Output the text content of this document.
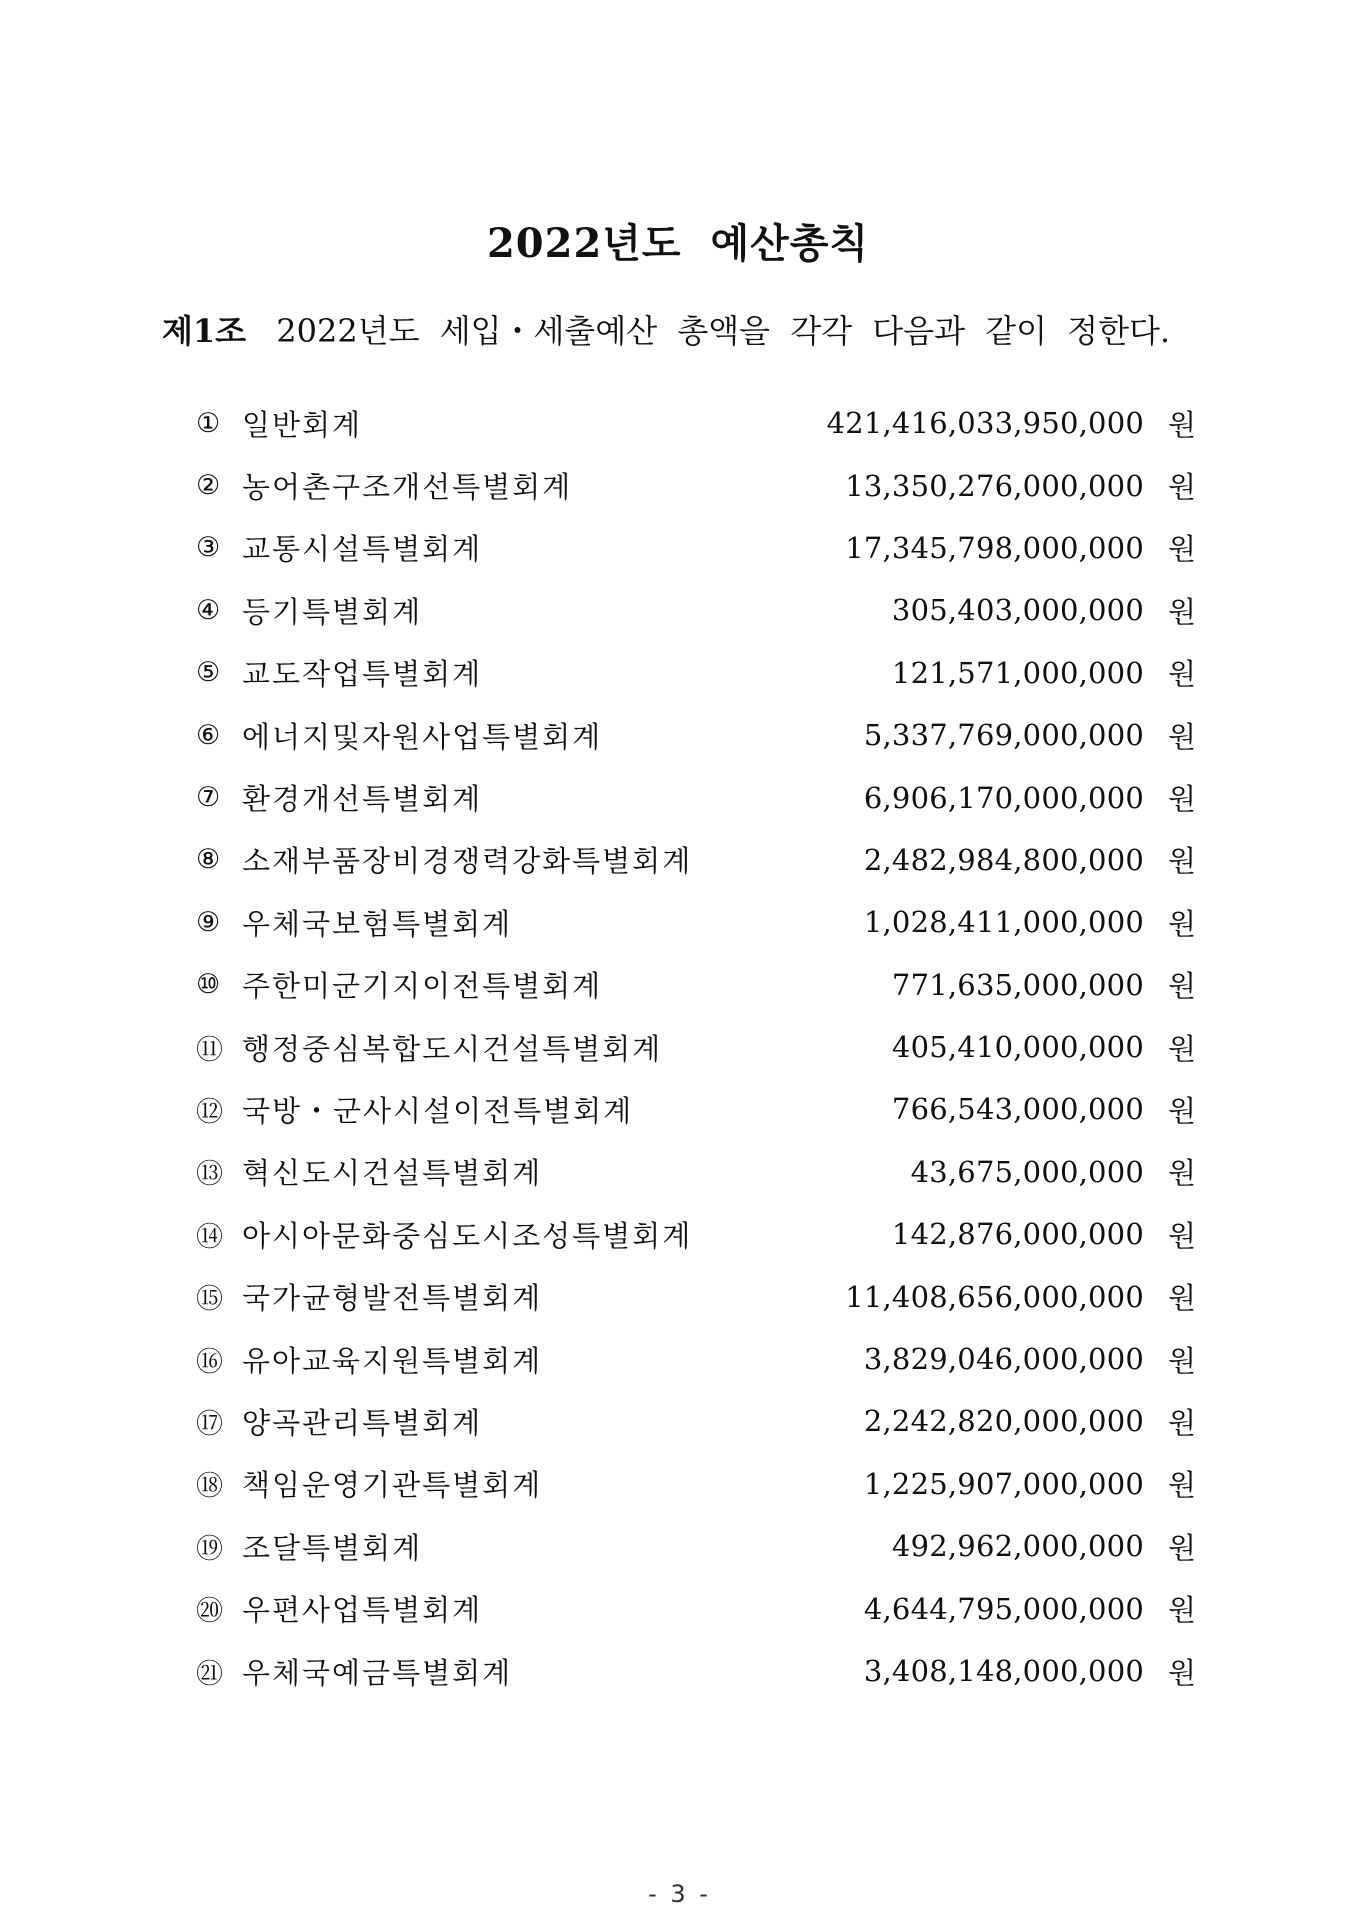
2022년도 예산총칙
제1조 2022년도 세입・세출예산 총액을 각각 다음과 같이 정한다.
① 일반회계	421,416,033,950,000 원
② 농어촌구조개선특별회계	13,350,276,000,000 원
③ 교통시설특별회계	17,345,798,000,000 원
④ 등기특별회계	305,403,000,000 원
⑤ 교도작업특별회계	121,571,000,000 원
⑥ 에너지및자원사업특별회계	5,337,769,000,000 원
⑦ 환경개선특별회계	6,906,170,000,000 원
⑧ 소재부품장비경쟁력강화특별회계	2,482,984,800,000 원
⑨ 우체국보험특별회계	1,028,411,000,000 원
⑩ 주한미군기지이전특별회계	771,635,000,000 원
⑪ 행정중심복합도시건설특별회계	405,410,000,000 원
⑫ 국방・군사시설이전특별회계	766,543,000,000 원
⑬ 혁신도시건설특별회계	43,675,000,000 원
⑭ 아시아문화중심도시조성특별회계	142,876,000,000 원
⑮ 국가균형발전특별회계	11,408,656,000,000 원
⑯ 유아교육지원특별회계	3,829,046,000,000 원
⑰ 양곡관리특별회계	2,242,820,000,000 원
⑱ 책임운영기관특별회계	1,225,907,000,000 원
⑲ 조달특별회계	492,962,000,000 원
⑳ 우편사업특별회계	4,644,795,000,000 원
㉑ 우체국예금특별회계	3,408,148,000,000 원
- 3 -
